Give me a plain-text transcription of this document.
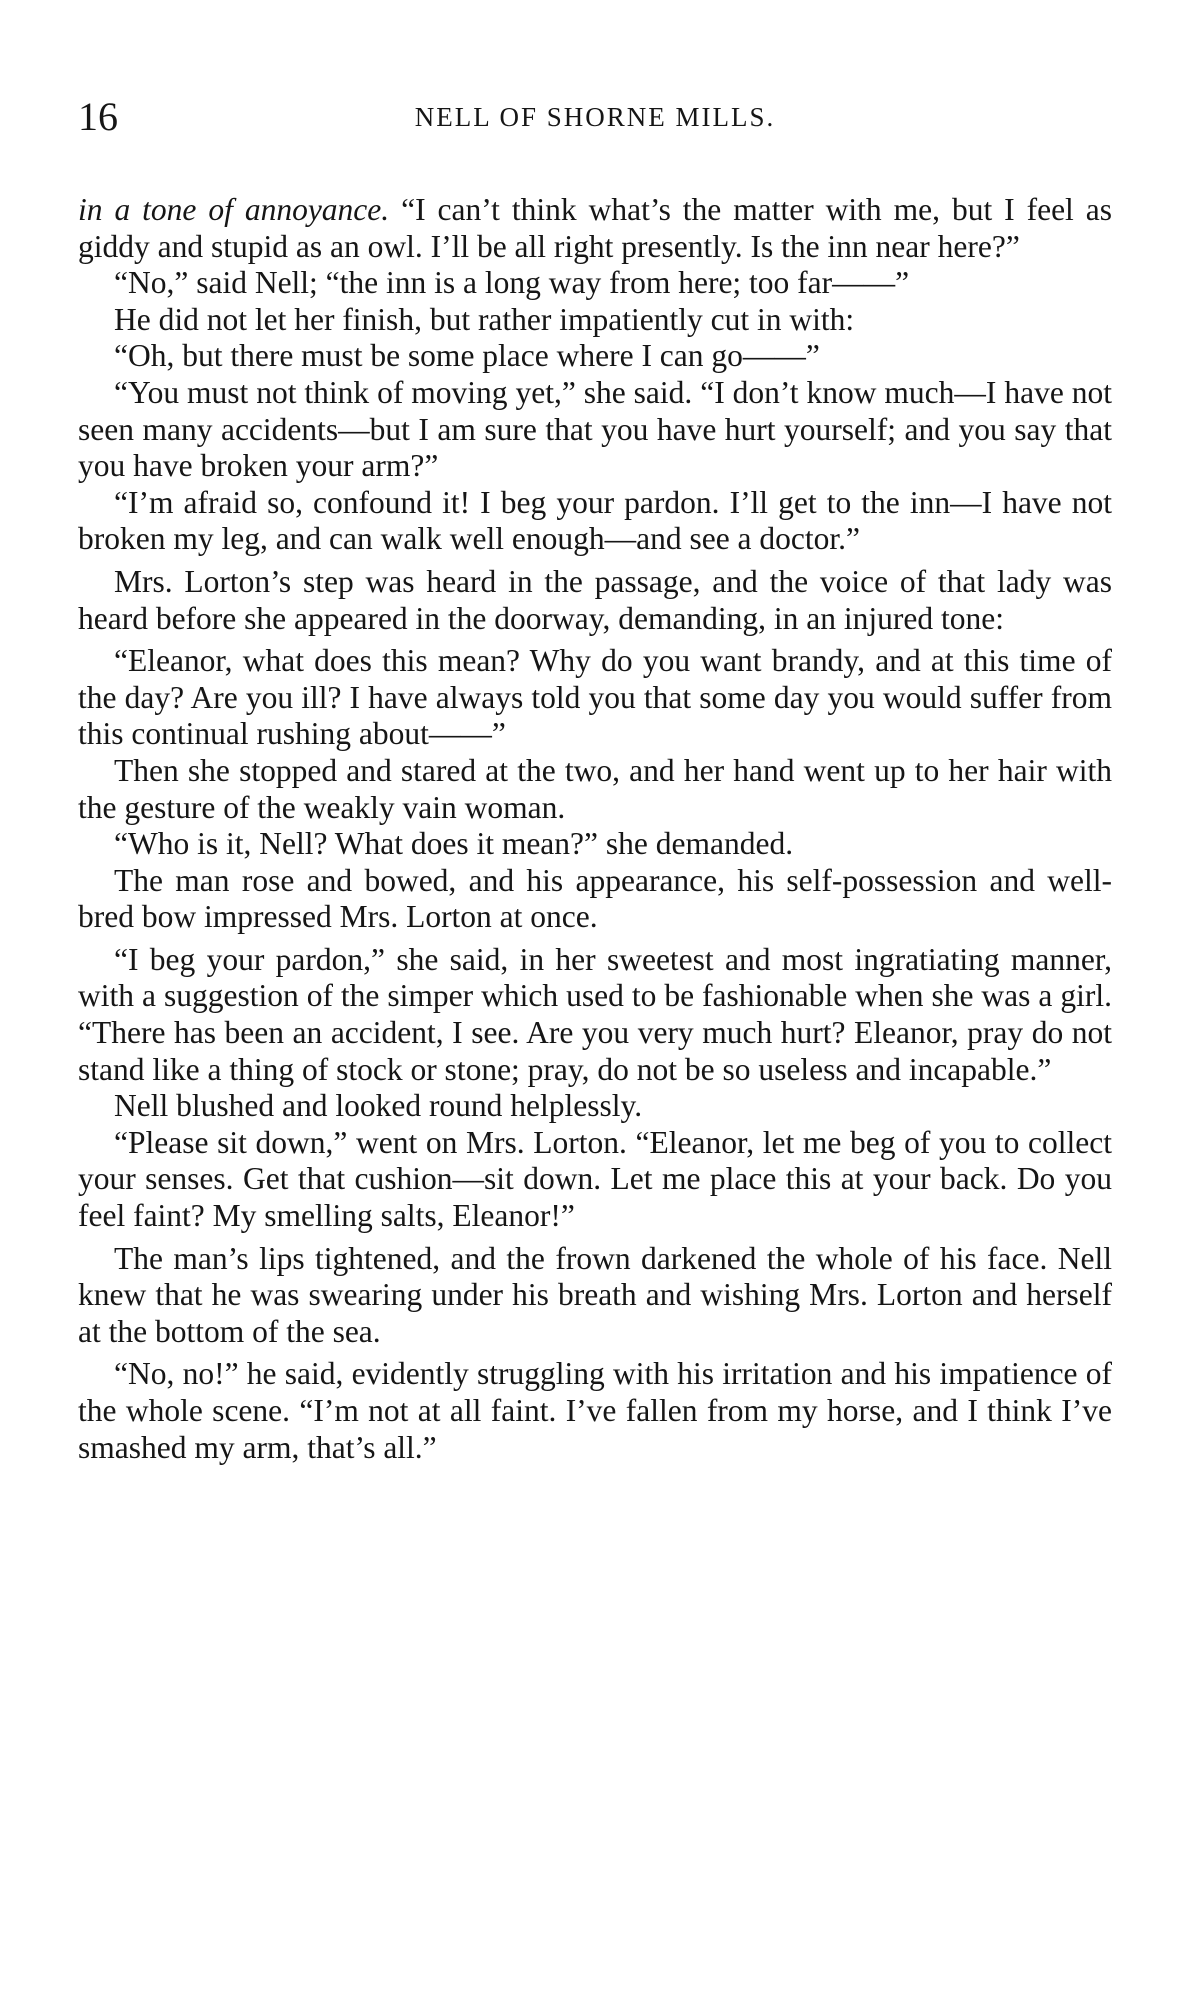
16	NELL OF SHORNE MILLS.

in a tone of annoyance. “I can’t think what’s the matter with me, but I feel as giddy and stupid as an owl. I’ll be all right presently. Is the inn near here?”

“No,” said Nell; “the inn is a long way from here; too far——”

He did not let her finish, but rather impatiently cut in with:

“Oh, but there must be some place where I can go——”

“You must not think of moving yet,” she said. “I don’t know much—I have not seen many accidents—but I am sure that you have hurt yourself; and you say that you have broken your arm?”

“I’m afraid so, confound it! I beg your pardon. I’ll get to the inn—I have not broken my leg, and can walk well enough—and see a doctor.”

Mrs. Lorton’s step was heard in the passage, and the voice of that lady was heard before she appeared in the doorway, demanding, in an injured tone:

“Eleanor, what does this mean? Why do you want brandy, and at this time of the day? Are you ill? I have always told you that some day you would suffer from this continual rushing about——”

Then she stopped and stared at the two, and her hand went up to her hair with the gesture of the weakly vain woman.

“Who is it, Nell? What does it mean?” she demanded.

The man rose and bowed, and his appearance, his self-possession and well-bred bow impressed Mrs. Lorton at once.

“I beg your pardon,” she said, in her sweetest and most ingratiating manner, with a suggestion of the simper which used to be fashionable when she was a girl. “There has been an accident, I see. Are you very much hurt? Eleanor, pray do not stand like a thing of stock or stone; pray, do not be so useless and incapable.”

Nell blushed and looked round helplessly.

“Please sit down,” went on Mrs. Lorton. “Eleanor, let me beg of you to collect your senses. Get that cushion—sit down. Let me place this at your back. Do you feel faint? My smelling salts, Eleanor!”

The man’s lips tightened, and the frown darkened the whole of his face. Nell knew that he was swearing under his breath and wishing Mrs. Lorton and herself at the bottom of the sea.

“No, no!” he said, evidently struggling with his irritation and his impatience of the whole scene. “I’m not at all faint. I’ve fallen from my horse, and I think I’ve smashed my arm, that’s all.”
